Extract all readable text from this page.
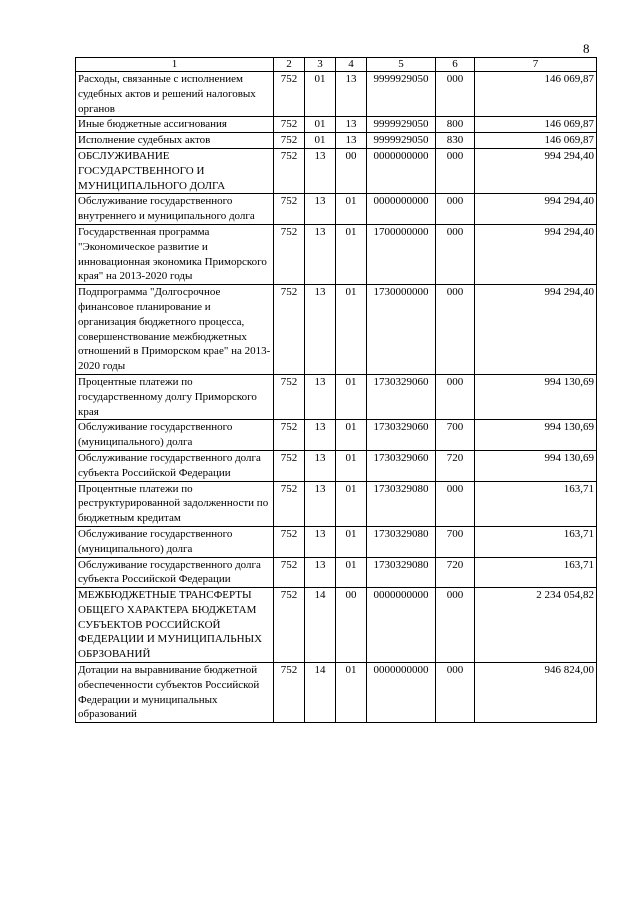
8
1	2	3	4	5	6	7
Расходы, связанные с исполнением судебных актов и решений налоговых органов	752	01	13	9999929050	000	146 069,87
Иные бюджетные ассигнования	752	01	13	9999929050	800	146 069,87
Исполнение судебных актов	752	01	13	9999929050	830	146 069,87
ОБСЛУЖИВАНИЕ ГОСУДАРСТВЕННОГО И МУНИЦИПАЛЬНОГО ДОЛГА	752	13	00	0000000000	000	994 294,40
Обслуживание государственного внутреннего и муниципального долга	752	13	01	0000000000	000	994 294,40
Государственная программа "Экономическое развитие и инновационная экономика Приморского края" на 2013-2020 годы	752	13	01	1700000000	000	994 294,40
Подпрограмма "Долгосрочное финансовое планирование и организация бюджетного процесса, совершенствование межбюджетных отношений в Приморском крае" на 2013-2020 годы	752	13	01	1730000000	000	994 294,40
Процентные платежи по государственному долгу Приморского края	752	13	01	1730329060	000	994 130,69
Обслуживание государственного (муниципального) долга	752	13	01	1730329060	700	994 130,69
Обслуживание государственного долга субъекта Российской Федерации	752	13	01	1730329060	720	994 130,69
Процентные платежи по реструктурированной задолженности по бюджетным кредитам	752	13	01	1730329080	000	163,71
Обслуживание государственного (муниципального) долга	752	13	01	1730329080	700	163,71
Обслуживание государственного долга субъекта Российской Федерации	752	13	01	1730329080	720	163,71
МЕЖБЮДЖЕТНЫЕ ТРАНСФЕРТЫ ОБЩЕГО ХАРАКТЕРА БЮДЖЕТАМ СУБЪЕКТОВ РОССИЙСКОЙ ФЕДЕРАЦИИ И МУНИЦИПАЛЬНЫХ ОБРЗОВАНИЙ	752	14	00	0000000000	000	2 234 054,82
Дотации на выравнивание бюджетной обеспеченности субъектов Российской Федерации и муниципальных образований	752	14	01	0000000000	000	946 824,00
